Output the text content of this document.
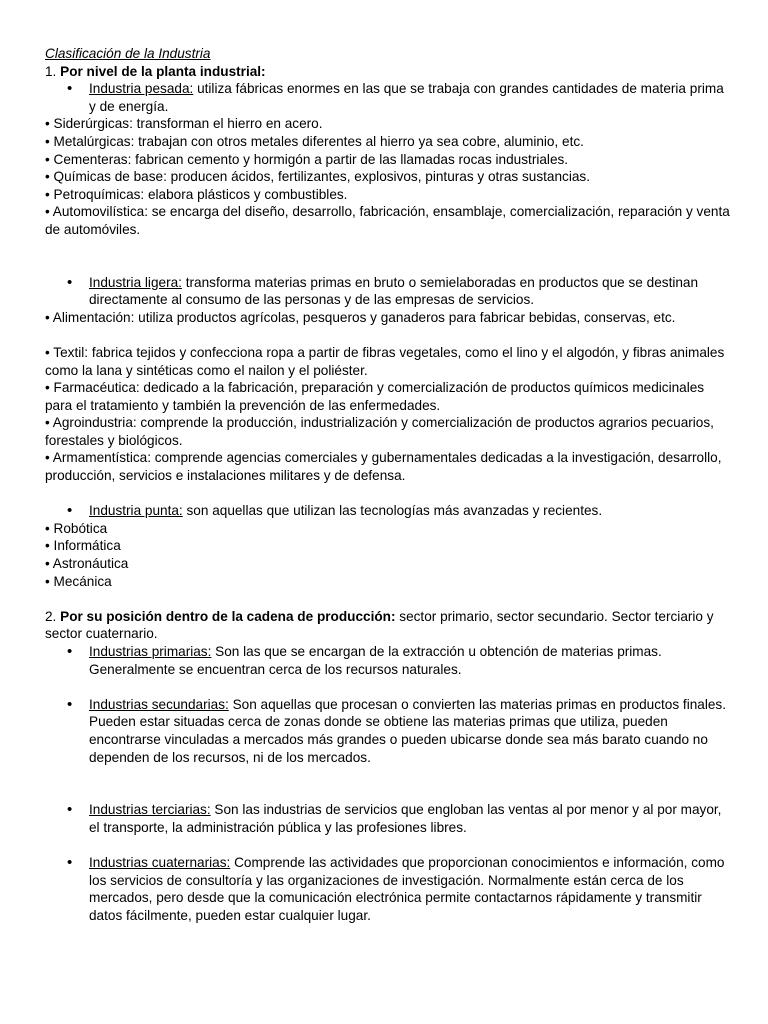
Clasificación de la Industria

1. Por nivel de la planta industrial:

• Industria pesada: utiliza fábricas enormes en las que se trabaja con grandes cantidades de materia prima y de energía.

• Siderúrgicas: transforman el hierro en acero.

• Metalúrgicas: trabajan con otros metales diferentes al hierro ya sea cobre, aluminio, etc.

• Cementeras: fabrican cemento y hormigón a partir de las llamadas rocas industriales.

• Químicas de base: producen ácidos, fertilizantes, explosivos, pinturas y otras sustancias.

• Petroquímicas: elabora plásticos y combustibles.

• Automovilística: se encarga del diseño, desarrollo, fabricación, ensamblaje, comercialización, reparación y venta de automóviles.

• Industria ligera: transforma materias primas en bruto o semielaboradas en productos que se destinan directamente al consumo de las personas y de las empresas de servicios.

• Alimentación: utiliza productos agrícolas, pesqueros y ganaderos para fabricar bebidas, conservas, etc.

• Textil: fabrica tejidos y confecciona ropa a partir de fibras vegetales, como el lino y el algodón, y fibras animales como la lana y sintéticas como el nailon y el poliéster.

• Farmacéutica: dedicado a la fabricación, preparación y comercialización de productos químicos medicinales para el tratamiento y también la prevención de las enfermedades.

• Agroindustria: comprende la producción, industrialización y comercialización de productos agrarios pecuarios, forestales y biológicos.

• Armamentística: comprende agencias comerciales y gubernamentales dedicadas a la investigación, desarrollo, producción, servicios e instalaciones militares y de defensa.

• Industria punta: son aquellas que utilizan las tecnologías más avanzadas y recientes.

• Robótica

• Informática

• Astronáutica

• Mecánica

2. Por su posición dentro de la cadena de producción: sector primario, sector secundario. Sector terciario y sector cuaternario.

• Industrias primarias: Son las que se encargan de la extracción u obtención de materias primas. Generalmente se encuentran cerca de los recursos naturales.

• Industrias secundarias: Son aquellas que procesan o convierten las materias primas en productos finales. Pueden estar situadas cerca de zonas donde se obtiene las materias primas que utiliza, pueden encontrarse vinculadas a mercados más grandes o pueden ubicarse donde sea más barato cuando no dependen de los recursos, ni de los mercados.

• Industrias terciarias: Son las industrias de servicios que engloban las ventas al por menor y al por mayor, el transporte, la administración pública y las profesiones libres.

• Industrias cuaternarias: Comprende las actividades que proporcionan conocimientos e información, como los servicios de consultoría y las organizaciones de investigación. Normalmente están cerca de los mercados, pero desde que la comunicación electrónica permite contactarnos rápidamente y transmitir datos fácilmente, pueden estar cualquier lugar.
